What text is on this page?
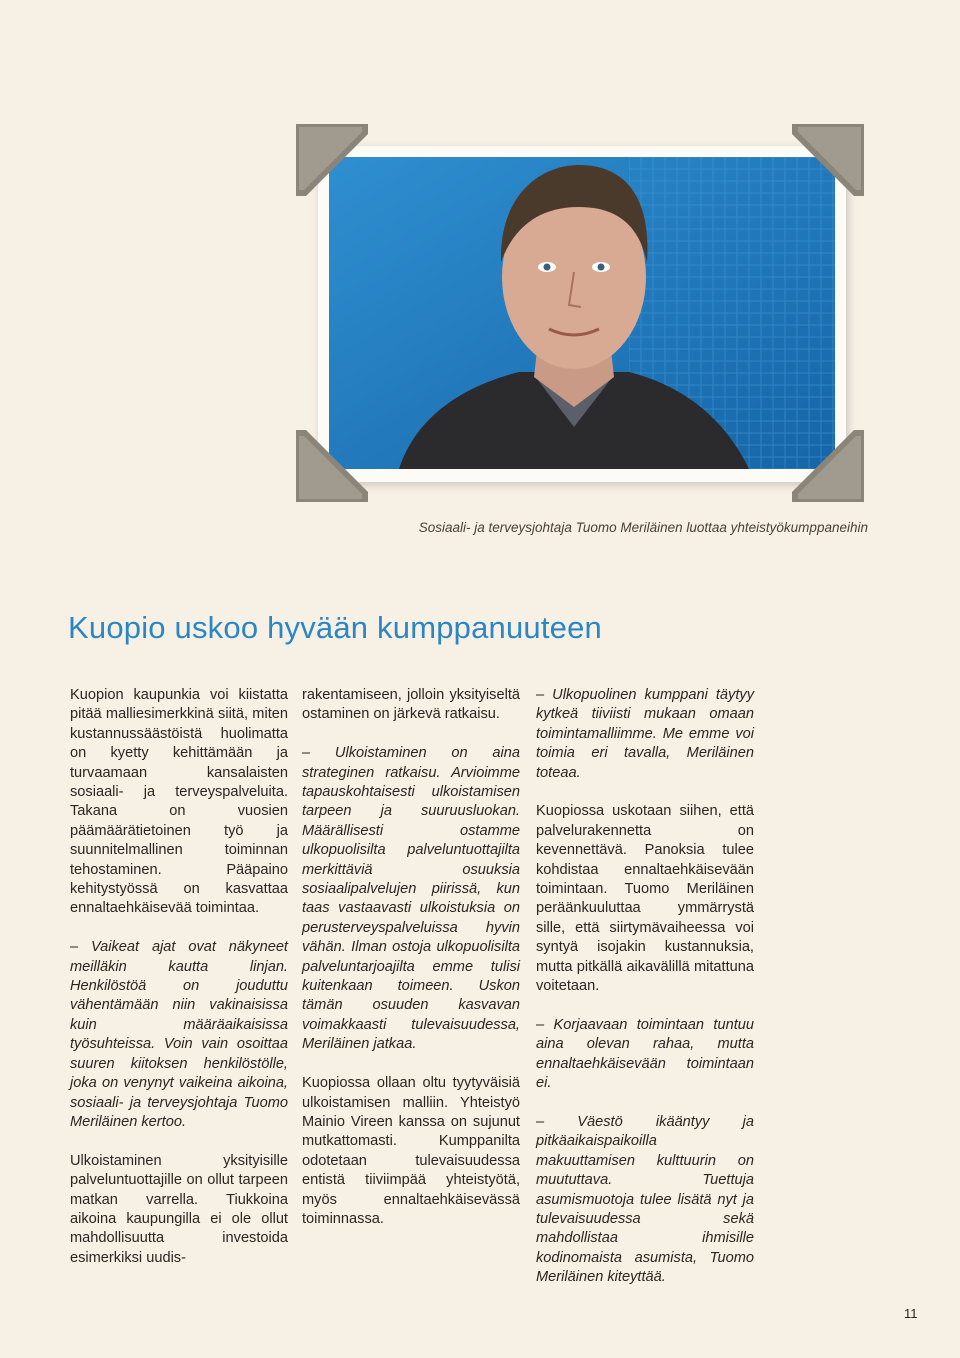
Sosiaali- ja terveysjohtaja Tuomo Meriläinen luottaa yhteistyökumppaneihin
Kuopio uskoo hyvään kumppanuuteen

Kuopion kaupunkia voi kiistatta pitää malliesimerkkinä siitä, miten kustannussäästöistä huolimatta on kyetty kehittämään ja turvaamaan kansalaisten sosiaali- ja terveyspalveluita. Takana on vuosien päämäärätietoinen työ ja suunnitelmallinen toiminnan tehostaminen. Pääpaino kehitystyössä on kasvattaa ennaltaehkäisevää toimintaa.

– Vaikeat ajat ovat näkyneet meilläkin kautta linjan. Henkilöstöä on jouduttu vähentämään niin vakinaisissa kuin määräaikaisissa työsuhteissa. Voin vain osoittaa suuren kiitoksen henkilöstölle, joka on venynyt vaikeina aikoina, sosiaali- ja terveysjohtaja Tuomo Meriläinen kertoo.

Ulkoistaminen yksityisille palveluntuottajille on ollut tarpeen matkan varrella. Tiukkoina aikoina kaupungilla ei ole ollut mahdollisuutta investoida esimerkiksi uudis-

rakentamiseen, jolloin yksityiseltä ostaminen on järkevä ratkaisu.

– Ulkoistaminen on aina strateginen ratkaisu. Arvioimme tapauskohtaisesti ulkoistamisen tarpeen ja suuruusluokan. Määrällisesti ostamme ulkopuolisilta palveluntuottajilta merkittäviä osuuksia sosiaalipalvelujen piirissä, kun taas vastaavasti ulkoistuksia on perusterveyspalveluissa hyvin vähän. Ilman ostoja ulkopuolisilta palveluntarjoajilta emme tulisi kuitenkaan toimeen. Uskon tämän osuuden kasvavan voimakkaasti tulevaisuudessa, Meriläinen jatkaa.

Kuopiossa ollaan oltu tyytyväisiä ulkoistamisen malliin. Yhteistyö Mainio Vireen kanssa on sujunut mutkattomasti. Kumppanilta odotetaan tulevaisuudessa entistä tiiviimpää yhteistyötä, myös ennaltaehkäisevässä toiminnassa.

– Ulkopuolinen kumppani täytyy kytkeä tiiviisti mukaan omaan toimintamalliimme. Me emme voi toimia eri tavalla, Meriläinen toteaa.

Kuopiossa uskotaan siihen, että palvelurakennetta on kevennettävä. Panoksia tulee kohdistaa ennaltaehkäisevään toimintaan. Tuomo Meriläinen peräänkuuluttaa ymmärrystä sille, että siirtymävaiheessa voi syntyä isojakin kustannuksia, mutta pitkällä aikavälillä mitattuna voitetaan.

– Korjaavaan toimintaan tuntuu aina olevan rahaa, mutta ennaltaehkäisevään toimintaan ei.

– Väestö ikääntyy ja pitkäaikaispaikoilla makuuttamisen kulttuurin on muututtava. Tuettuja asumismuotoja tulee lisätä nyt ja tulevaisuudessa sekä mahdollistaa ihmisille kodinomaista asumista, Tuomo Meriläinen kiteyttää.

11
